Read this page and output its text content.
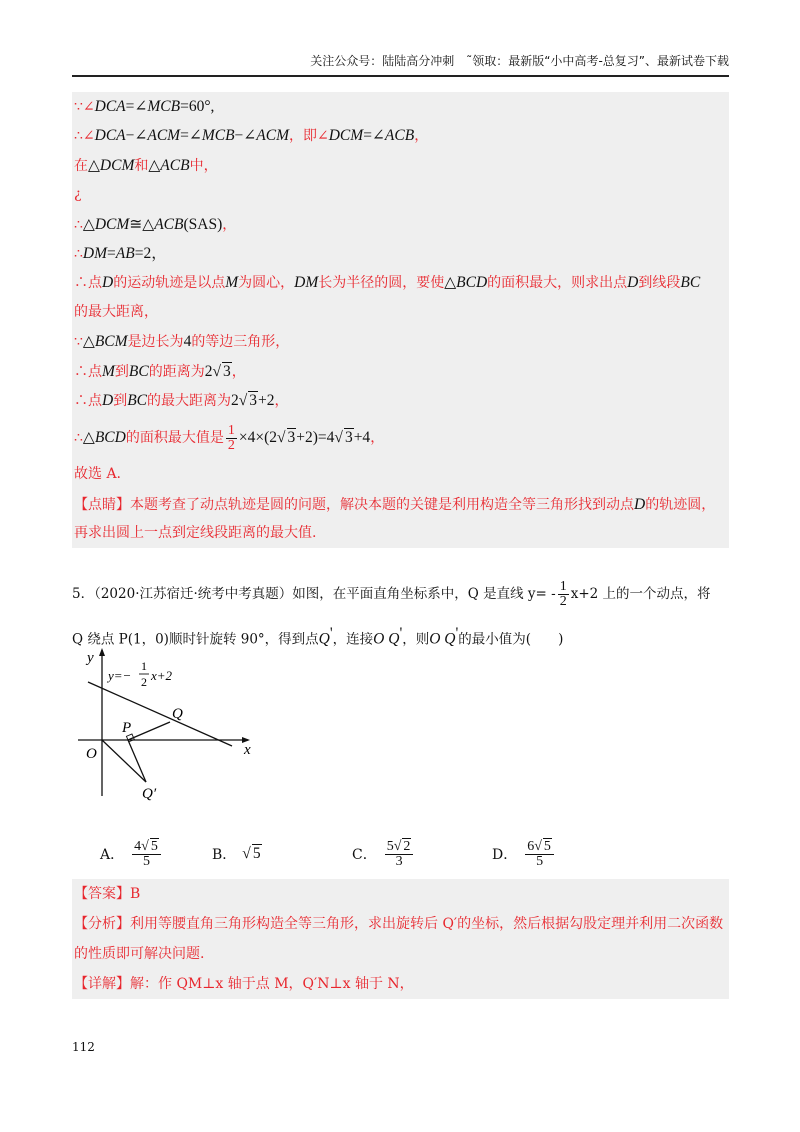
关注公众号：陆陆高分冲刺　˜领取：最新版“小中高考-总复习”、最新试卷下载
∵∠DCA=∠MCB=60°,
∴∠DCA−∠ACM=∠MCB−∠ACM，即∠DCM=∠ACB，
在△DCM和△ACB中，
¿
∴△DCM≅△ACB(SAS)，
∴DM=AB=2，
∴点D的运动轨迹是以点M为圆心，DM长为半径的圆，要使△BCD的面积最大，则求出点D到线段BC
的最大距离，
∵△BCM是边长为4的等边三角形，
∴点M到BC的距离为2√ 3，
∴点D到BC的最大距离为2√ 3+2，
∴△BCD的面积最大值是 $\frac{1}{2} \times 4\times(2√$ 3+2)=4√ 3+4，
故选 A.
【点睛】本题考查了动点轨迹是圆的问题，解决本题的关键是利用构造全等三角形找到动点D的轨迹圆，
再求出圆上一点到定线段距离的最大值.
5．（2020·江苏宿迁·统考中考真题）如图，在平面直角坐标系中，Q 是直线 $y= - \frac{1}{2} x+2$ 上的一个动点，将
Q 绕点 P(1，0)顺时针旋转 90°，得到点Q'，连接O Q'，则O Q'的最小值为(　　)
y
x
O
y=−
1
2 x+2
P
Q
Q′
A． $\frac{4√ 5}{5}$	B． √ 5	C． $\frac{5√ 2}{3}$	D． $\frac{6√ 5}{5}$
【答案】B
【分析】利用等腰直角三角形构造全等三角形，求出旋转后 Q′的坐标，然后根据勾股定理并利用二次函数
的性质即可解决问题.
【详解】解：作 QM⊥x 轴于点 M，Q′N⊥x 轴于 N，
112
